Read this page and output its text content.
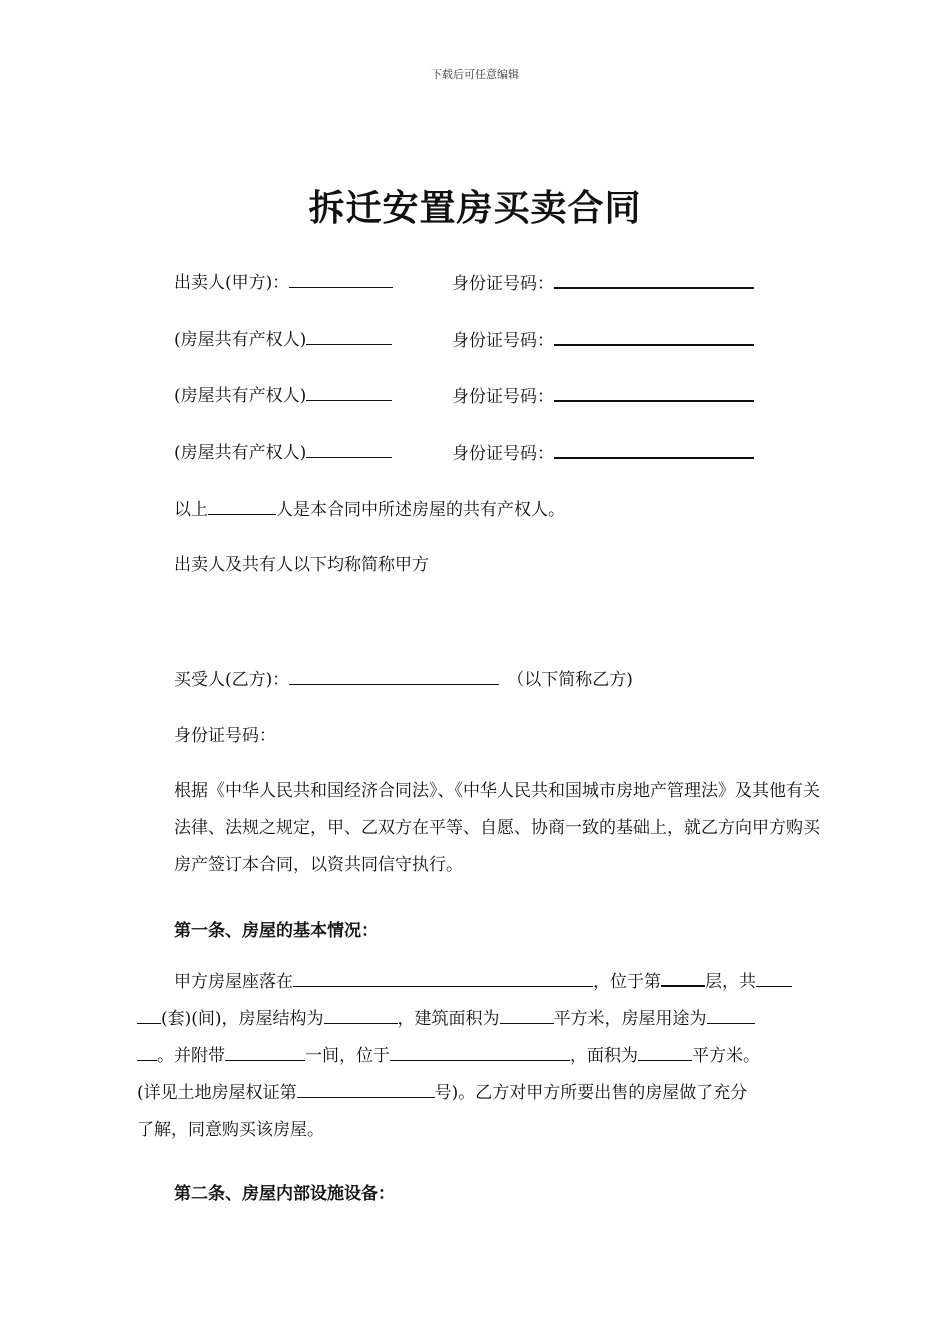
下载后可任意编辑
拆迁安置房买卖合同
出卖人(甲方)：	身份证号码：
(房屋共有产权人)	身份证号码：
(房屋共有产权人)	身份证号码：
(房屋共有产权人)	身份证号码：
以上	人是本合同中所述房屋的共有产权人。
出卖人及共有人以下均称简称甲方
买受人(乙方)：	（以下简称乙方)
身份证号码：

根据《中华人民共和国经济合同法》、《中华人民共和国城市房地产管理法》及其他有关法律、法规之规定，甲、乙双方在平等、自愿、协商一致的基础上，就乙方向甲方购买房产签订本合同，以资共同信守执行。

第一条、房屋的基本情况：
甲方房屋座落在	，位于第	层，共
(套)(间)，房屋结构为	，建筑面积为	平方米，房屋用途为
。并附带	一间，位于	，面积为	平方米。
(详见土地房屋权证第	号)。乙方对甲方所要出售的房屋做了充分
了解，同意购买该房屋。
第二条、房屋内部设施设备：
